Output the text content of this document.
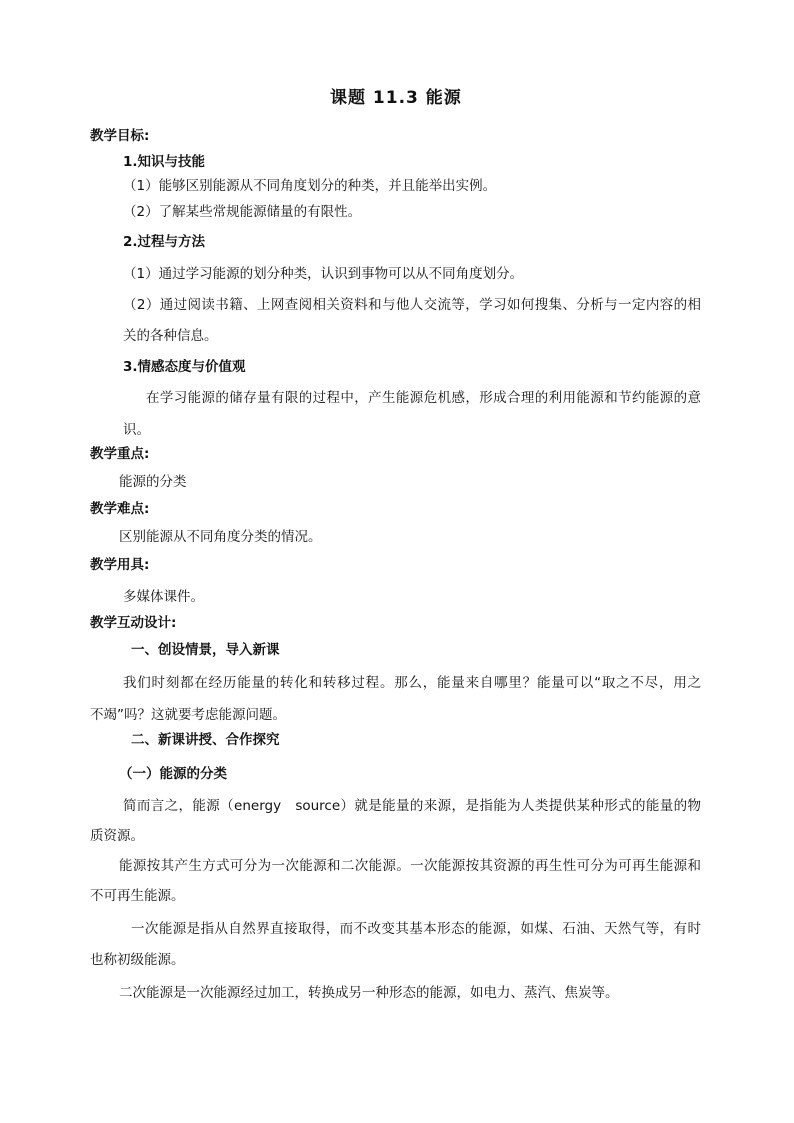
课题 11.3 能源
教学目标:
1.知识与技能
（1）能够区别能源从不同角度划分的种类，并且能举出实例。
（2）了解某些常规能源储量的有限性。
2.过程与方法
（1）通过学习能源的划分种类，认识到事物可以从不同角度划分。
（2）通过阅读书籍、上网查阅相关资料和与他人交流等，学习如何搜集、分析与一定内容的相
关的各种信息。
3.情感态度与价值观
在学习能源的储存量有限的过程中，产生能源危机感，形成合理的利用能源和节约能源的意
识。
教学重点:
能源的分类
教学难点:
区别能源从不同角度分类的情况。
教学用具:
多媒体课件。
教学互动设计:
一、创设情景，导入新课
我们时刻都在经历能量的转化和转移过程。那么，能量来自哪里？能量可以“取之不尽，用之
不竭”吗？这就要考虑能源问题。
二、新课讲授、合作探究
（一）能源的分类
简而言之，能源（energy　source）就是能量的来源，是指能为人类提供某种形式的能量的物
质资源。
能源按其产生方式可分为一次能源和二次能源。一次能源按其资源的再生性可分为可再生能源和
不可再生能源。
一次能源是指从自然界直接取得，而不改变其基本形态的能源，如煤、石油、天然气等，有时
也称初级能源。
二次能源是一次能源经过加工，转换成另一种形态的能源，如电力、蒸汽、焦炭等。
